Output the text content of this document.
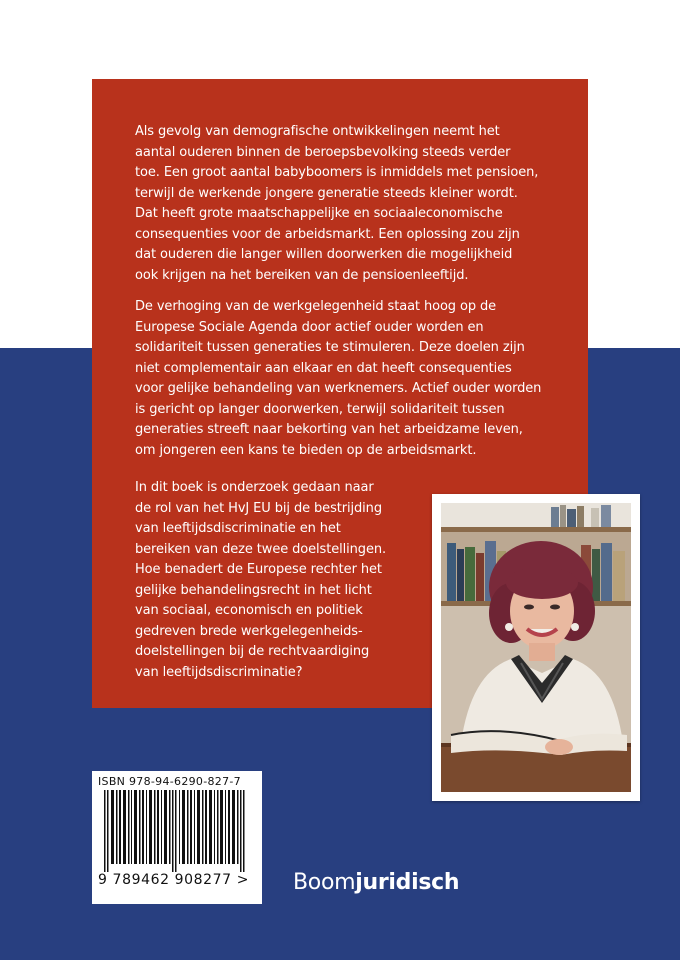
Als gevolg van demografische ontwikkelingen neemt het
aantal ouderen binnen de beroepsbevolking steeds verder
toe. Een groot aantal babyboomers is inmiddels met pensioen,
terwijl de werkende jongere generatie steeds kleiner wordt.
Dat heeft grote maatschappelijke en sociaaleconomische
consequenties voor de arbeidsmarkt. Een oplossing zou zijn
dat ouderen die langer willen doorwerken die mogelijkheid
ook krijgen na het bereiken van de pensioenleeftijd.
De verhoging van de werkgelegenheid staat hoog op de
Europese Sociale Agenda door actief ouder worden en
solidariteit tussen generaties te stimuleren. Deze doelen zijn
niet complementair aan elkaar en dat heeft consequenties
voor gelijke behandeling van werknemers. Actief ouder worden
is gericht op langer doorwerken, terwijl solidariteit tussen
generaties streeft naar bekorting van het arbeidzame leven,
om jongeren een kans te bieden op de arbeidsmarkt.
In dit boek is onderzoek gedaan naar
de rol van het HvJ EU bij de bestrijding
van leeftijdsdiscriminatie en het
bereiken van deze twee doelstellingen.
Hoe benadert de Europese rechter het
gelijke behandelingsrecht in het licht
van sociaal, economisch en politiek
gedreven brede werkgelegenheids-
doelstellingen bij de rechtvaardiging
van leeftijdsdiscriminatie?
ISBN 978-94-6290-827-7
9 789462 908277 > Boomjuridisch
